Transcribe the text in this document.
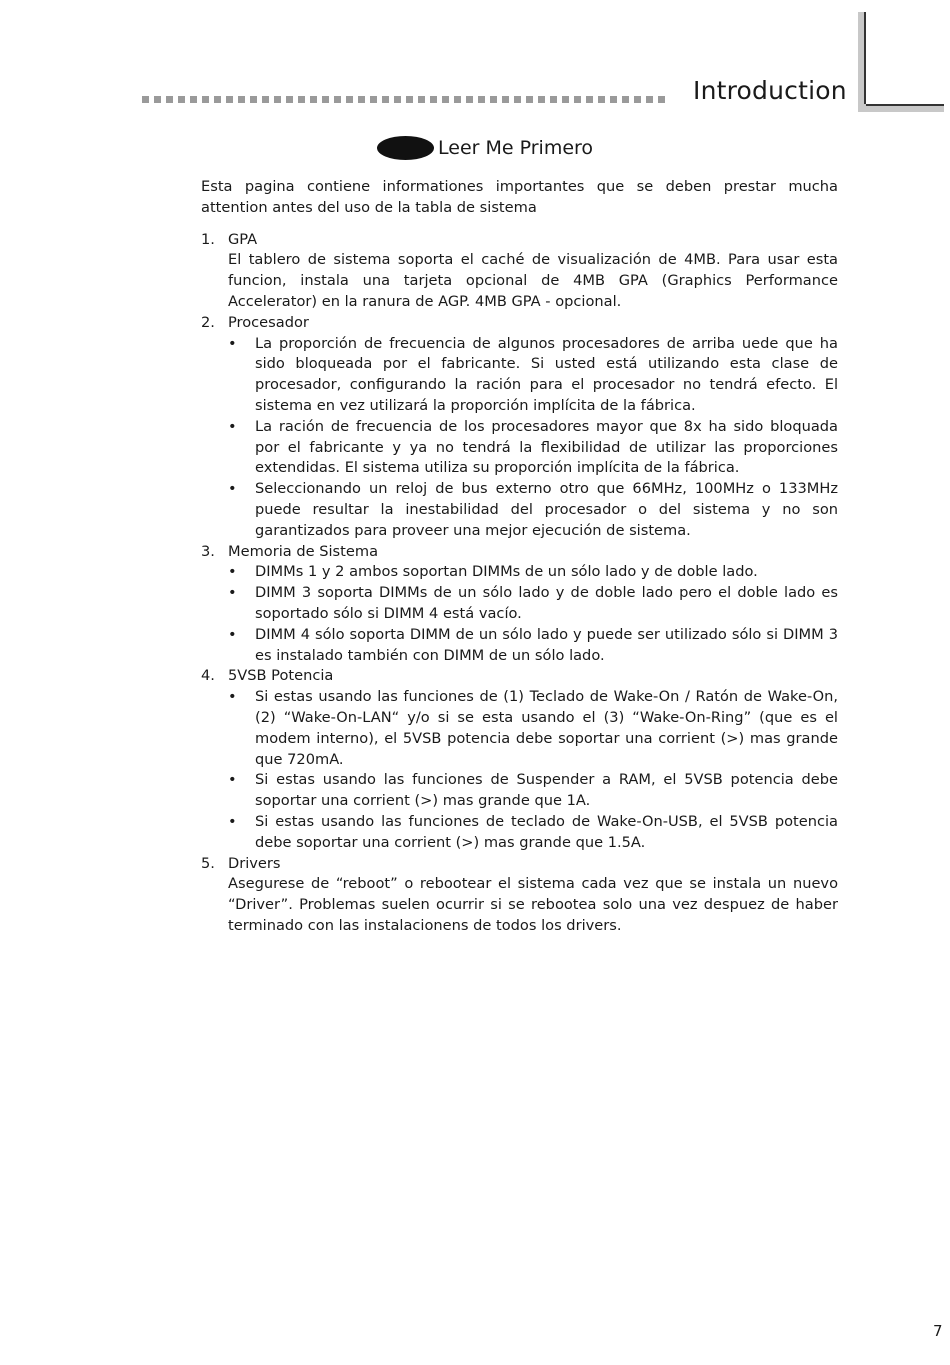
Introduction
Leer Me Primero

Esta pagina contiene informationes importantes que se deben prestar mucha attention antes del uso de la tabla de sistema

1. GPA

El tablero de sistema soporta el caché de visualización de 4MB. Para usar esta funcion, instala una tarjeta opcional de 4MB GPA (Graphics Performance Accelerator) en la ranura de AGP. 4MB GPA - opcional.

2. Procesador
•	La proporción de frecuencia de algunos procesadores de arriba uede que ha sido bloqueada por el fabricante. Si usted está utilizando esta clase de procesador, configurando la ración para el procesador no tendrá efecto. El sistema en vez utilizará la proporción implícita de la fábrica.
•	La ración de frecuencia de los procesadores mayor que 8x ha sido bloquada por el fabricante y ya no tendrá la flexibilidad de utilizar las proporciones extendidas. El sistema utiliza su proporción implícita de la fábrica.
•	Seleccionando un reloj de bus externo otro que 66MHz, 100MHz o 133MHz puede resultar la inestabilidad del procesador o del sistema y no son garantizados para proveer una mejor ejecución de sistema.
3. Memoria de Sistema
•	DIMMs 1 y 2 ambos soportan DIMMs de un sólo lado y de doble lado.
•	DIMM 3 soporta DIMMs de un sólo lado y de doble lado pero el doble lado es soportado sólo si DIMM 4 está vacío.
•	DIMM 4 sólo soporta DIMM de un sólo lado y puede ser utilizado sólo si DIMM 3 es instalado también con DIMM de un sólo lado.
4. 5VSB Potencia
•	Si estas usando las funciones de (1) Teclado de Wake-On / Ratón de Wake-On, (2) “Wake-On-LAN“ y/o si se esta usando el (3) “Wake-On-Ring” (que es el modem interno), el 5VSB potencia debe soportar una corrient (>) mas grande que 720mA.
•	Si estas usando las funciones de Suspender a RAM, el 5VSB potencia debe soportar una corrient (>) mas grande que 1A.
•	Si estas usando las funciones de teclado de Wake-On-USB, el 5VSB potencia debe soportar una corrient (>) mas grande que 1.5A.
5. Drivers

Asegurese de “reboot” o rebootear el sistema cada vez que se instala un nuevo “Driver”. Problemas suelen ocurrir si se rebootea solo una vez despuez de haber terminado con las instalacionens de todos los drivers.

7
